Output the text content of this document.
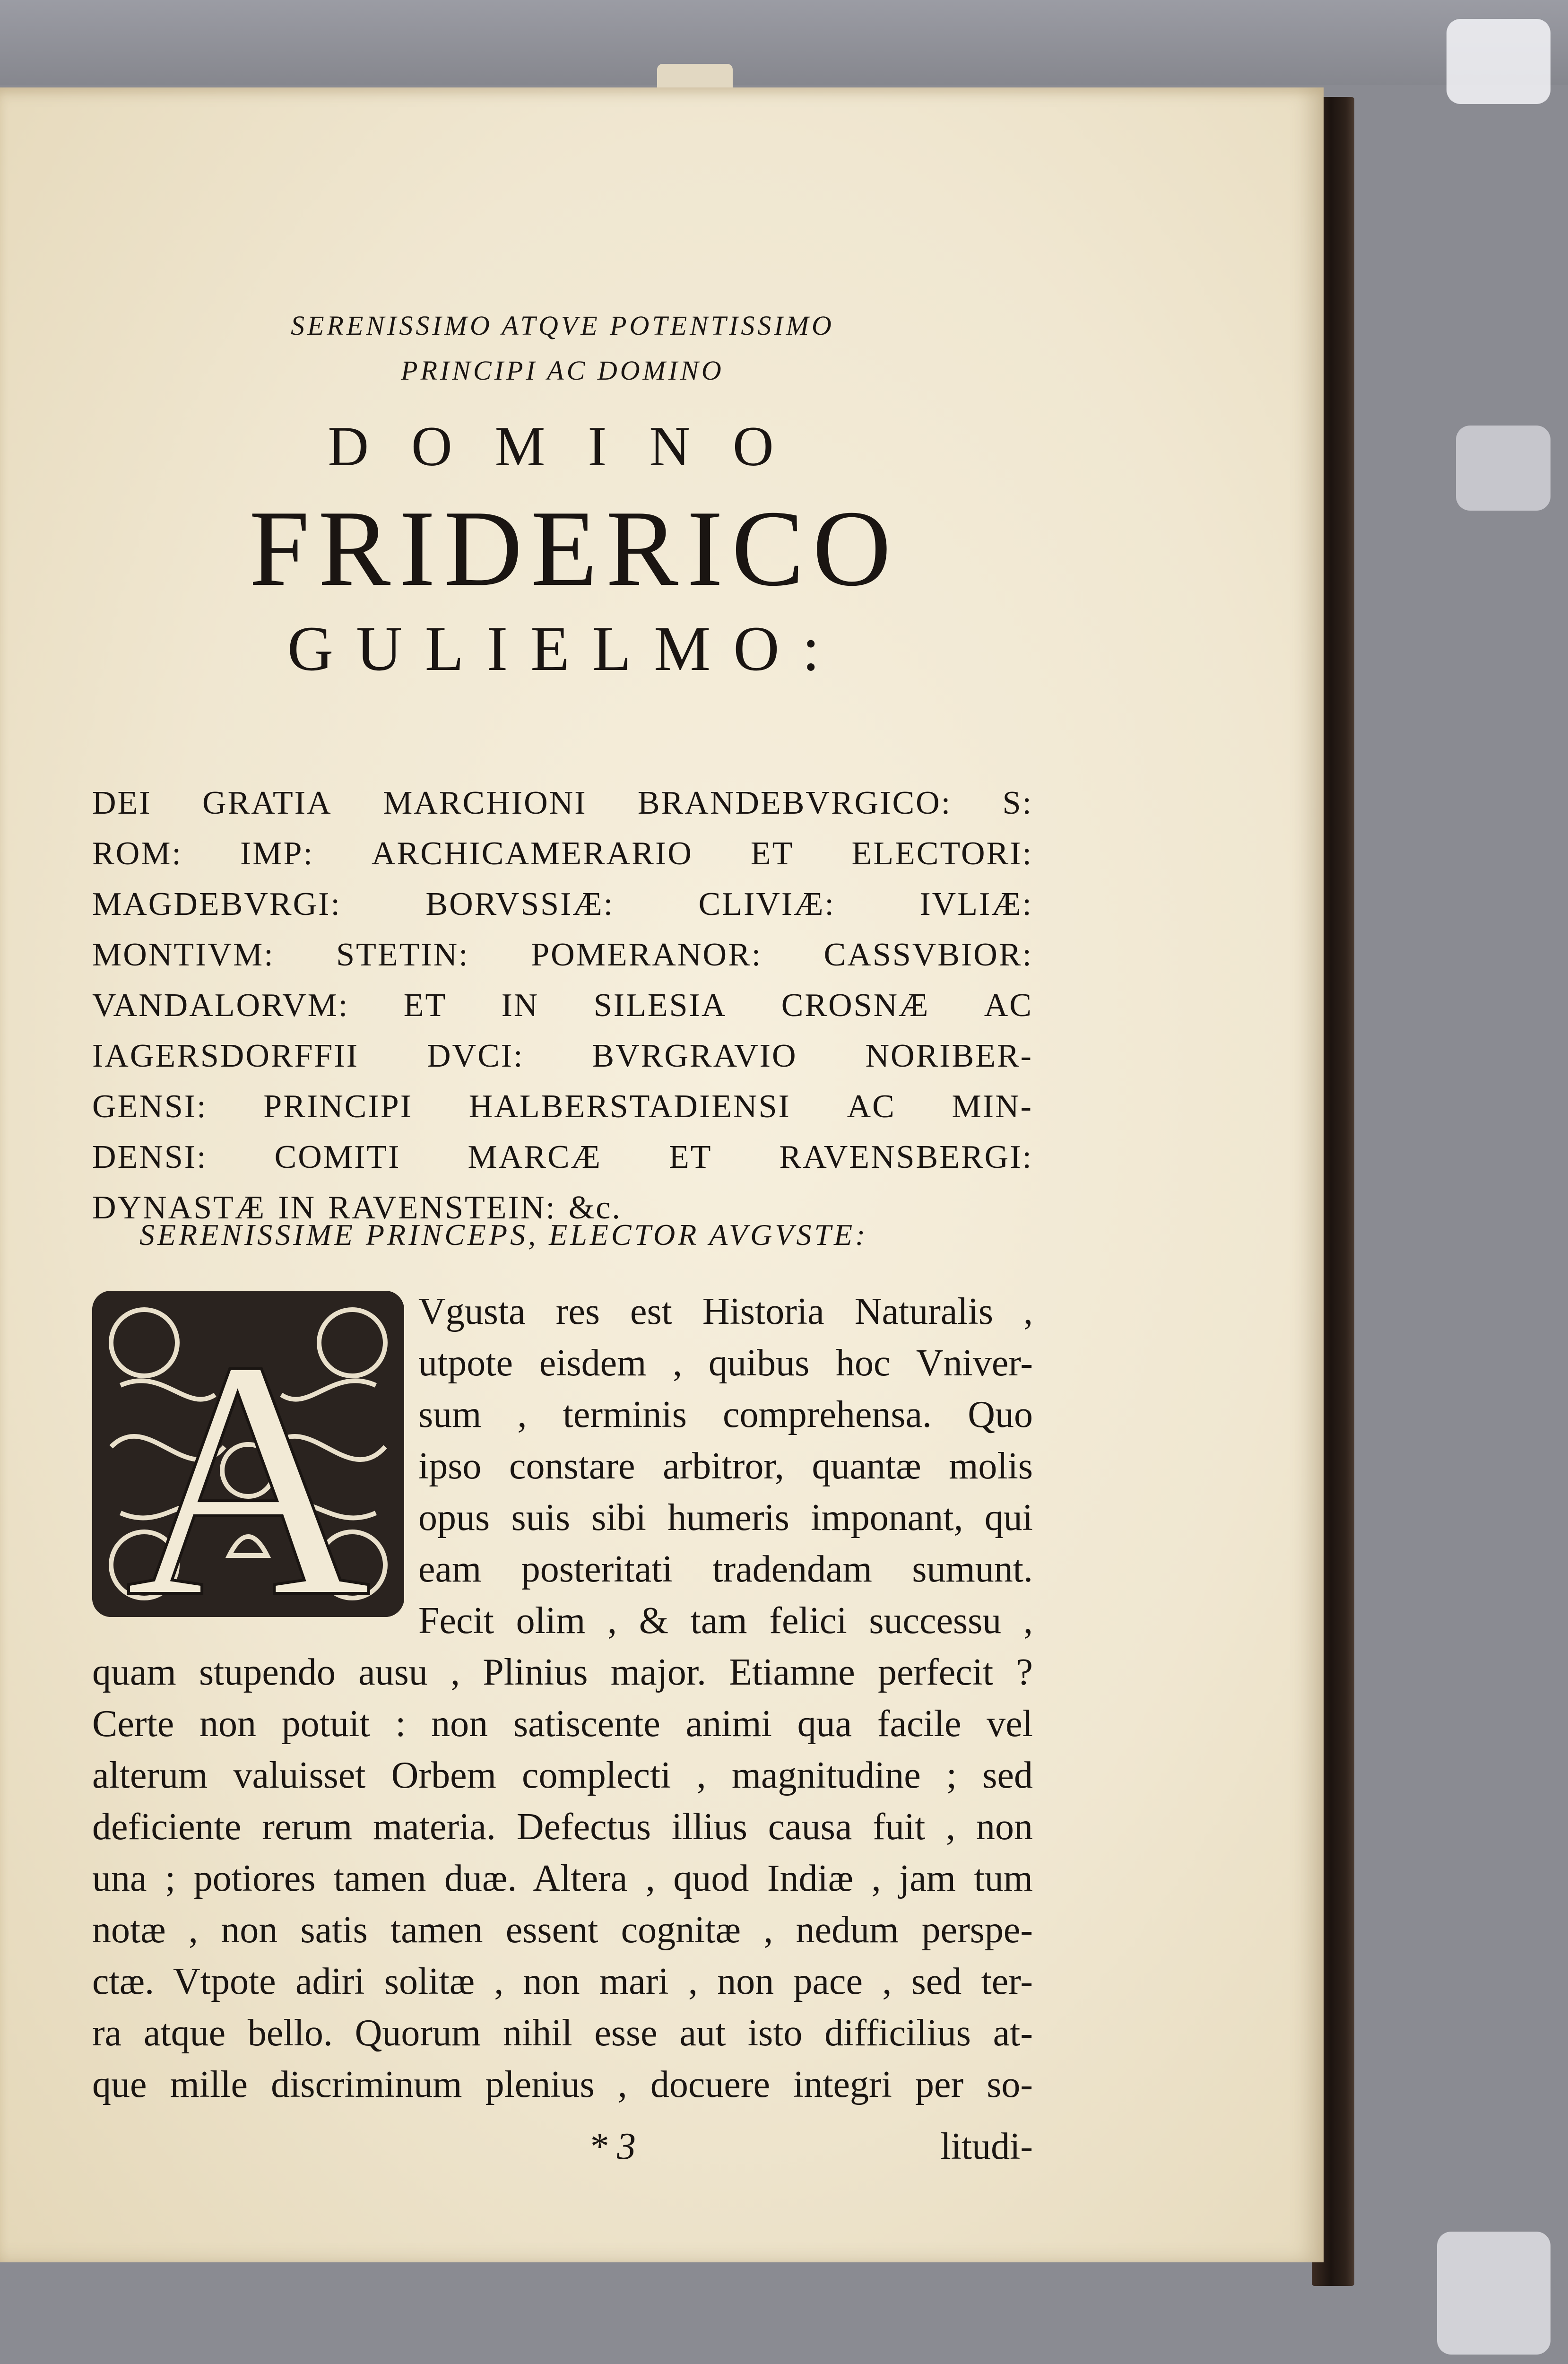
SERENISSIMO ATQVE POTENTISSIMO
PRINCIPI AC DOMINO
DOMINO
FRIDERICO
GULIELMO:
DEI GRATIA MARCHIONI BRANDEBVRGICO: S:
ROM: IMP: ARCHICAMERARIO ET ELECTORI:
MAGDEBVRGI:	BORVSSIÆ:	CLIVIÆ:	IVLIÆ:
MONTIVM: STETIN: POMERANOR: CASSVBIOR:
VANDALORVM: ET IN SILESIA CROSNÆ AC
IAGERSDORFFII DVCI: BVRGRAVIO NORIBER-
GENSI: PRINCIPI HALBERSTADIENSI AC MIN-
DENSI: COMITI MARCÆ ET RAVENSBERGI:
DYNASTÆ IN RAVENSTEIN: &c.
SERENISSIME PRINCEPS, ELECTOR AVGVSTE:
A Vgusta res est Historia Naturalis ,
utpote eisdem , quibus hoc Vniver-
sum , terminis comprehensa. Quo
ipso constare arbitror, quantæ molis
opus suis sibi humeris imponant, qui
eam posteritati tradendam sumunt.
Fecit olim , & tam felici successu ,
quam stupendo ausu , Plinius major. Etiamne perfecit ?
Certe non potuit : non satiscente animi qua facile vel
alterum valuisset Orbem complecti , magnitudine ; sed
deficiente rerum materia. Defectus illius causa fuit , non
una ; potiores tamen duæ. Altera , quod Indiæ , jam tum
notæ , non satis tamen essent cognitæ , nedum perspe-
ctæ. Vtpote adiri solitæ , non mari , non pace , sed ter-
ra atque bello. Quorum nihil esse aut isto difficilius at-
que mille discriminum plenius , docuere integri per so-
* 3	litudi-
